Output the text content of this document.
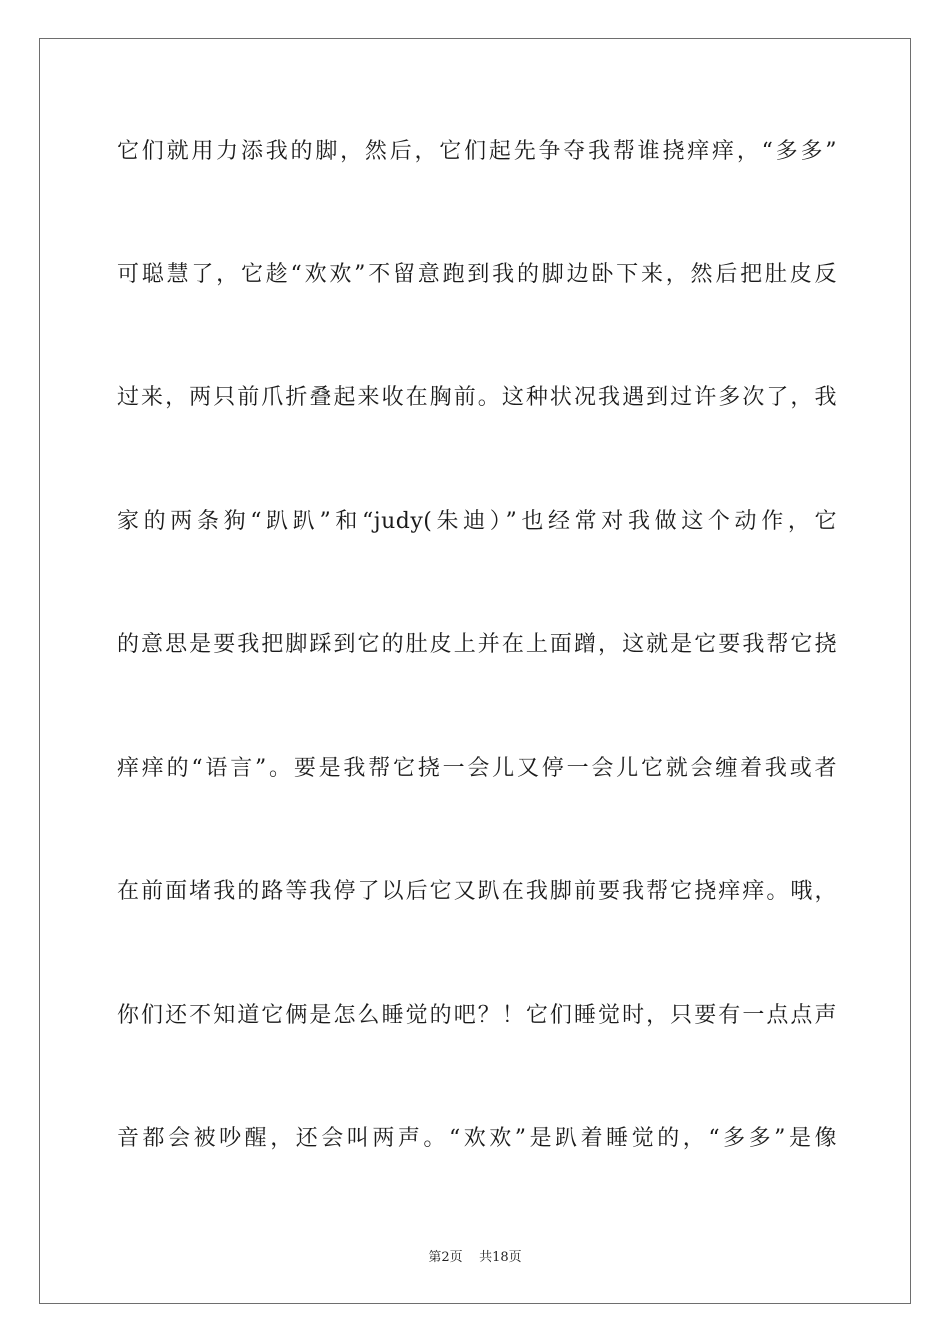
它们就用力添我的脚，然后，它们起先争夺我帮谁挠痒痒，“多多”
可聪慧了，它趁“欢欢”不留意跑到我的脚边卧下来，然后把肚皮反
过来，两只前爪折叠起来收在胸前。这种状况我遇到过许多次了，我
家的两条狗“趴趴”和“judy(朱迪）”也经常对我做这个动作，它
的意思是要我把脚踩到它的肚皮上并在上面蹭，这就是它要我帮它挠
痒痒的“语言”。要是我帮它挠一会儿又停一会儿它就会缠着我或者
在前面堵我的路等我停了以后它又趴在我脚前要我帮它挠痒痒。哦，
你们还不知道它俩是怎么睡觉的吧？！它们睡觉时，只要有一点点声
音都会被吵醒，还会叫两声。“欢欢”是趴着睡觉的，“多多”是像
第2页 共18页
